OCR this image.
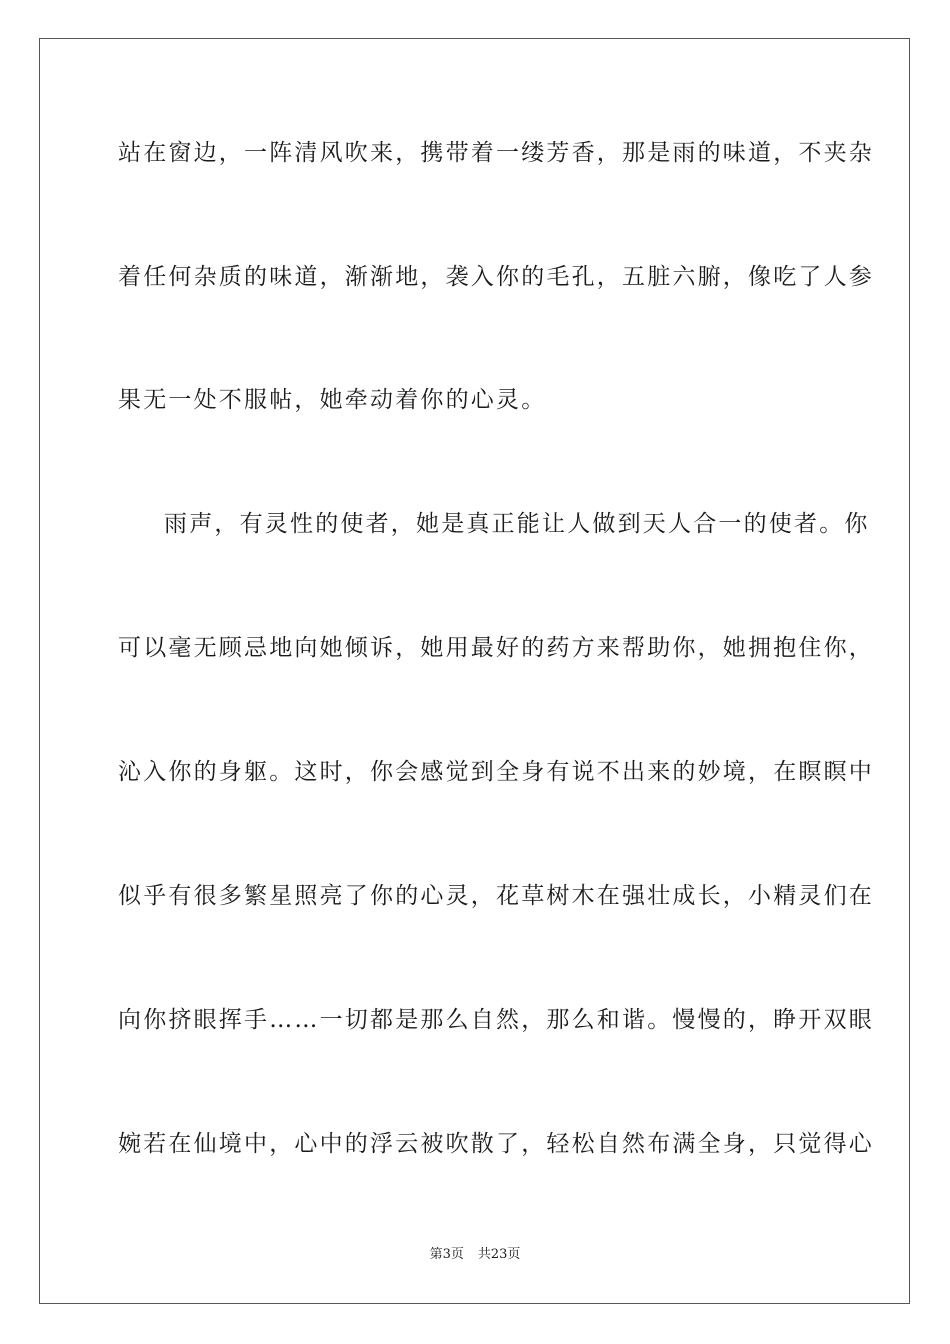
站在窗边，一阵清风吹来，携带着一缕芳香，那是雨的味道，不夹杂
着任何杂质的味道，渐渐地，袭入你的毛孔，五脏六腑，像吃了人参
果无一处不服帖，她牵动着你的心灵。
雨声，有灵性的使者，她是真正能让人做到天人合一的使者。你
可以毫无顾忌地向她倾诉，她用最好的药方来帮助你，她拥抱住你，
沁入你的身躯。这时，你会感觉到全身有说不出来的妙境，在瞑瞑中
似乎有很多繁星照亮了你的心灵，花草树木在强壮成长，小精灵们在
向你挤眼挥手……一切都是那么自然，那么和谐。慢慢的，睁开双眼
婉若在仙境中，心中的浮云被吹散了，轻松自然布满全身，只觉得心
第3页 共23页
